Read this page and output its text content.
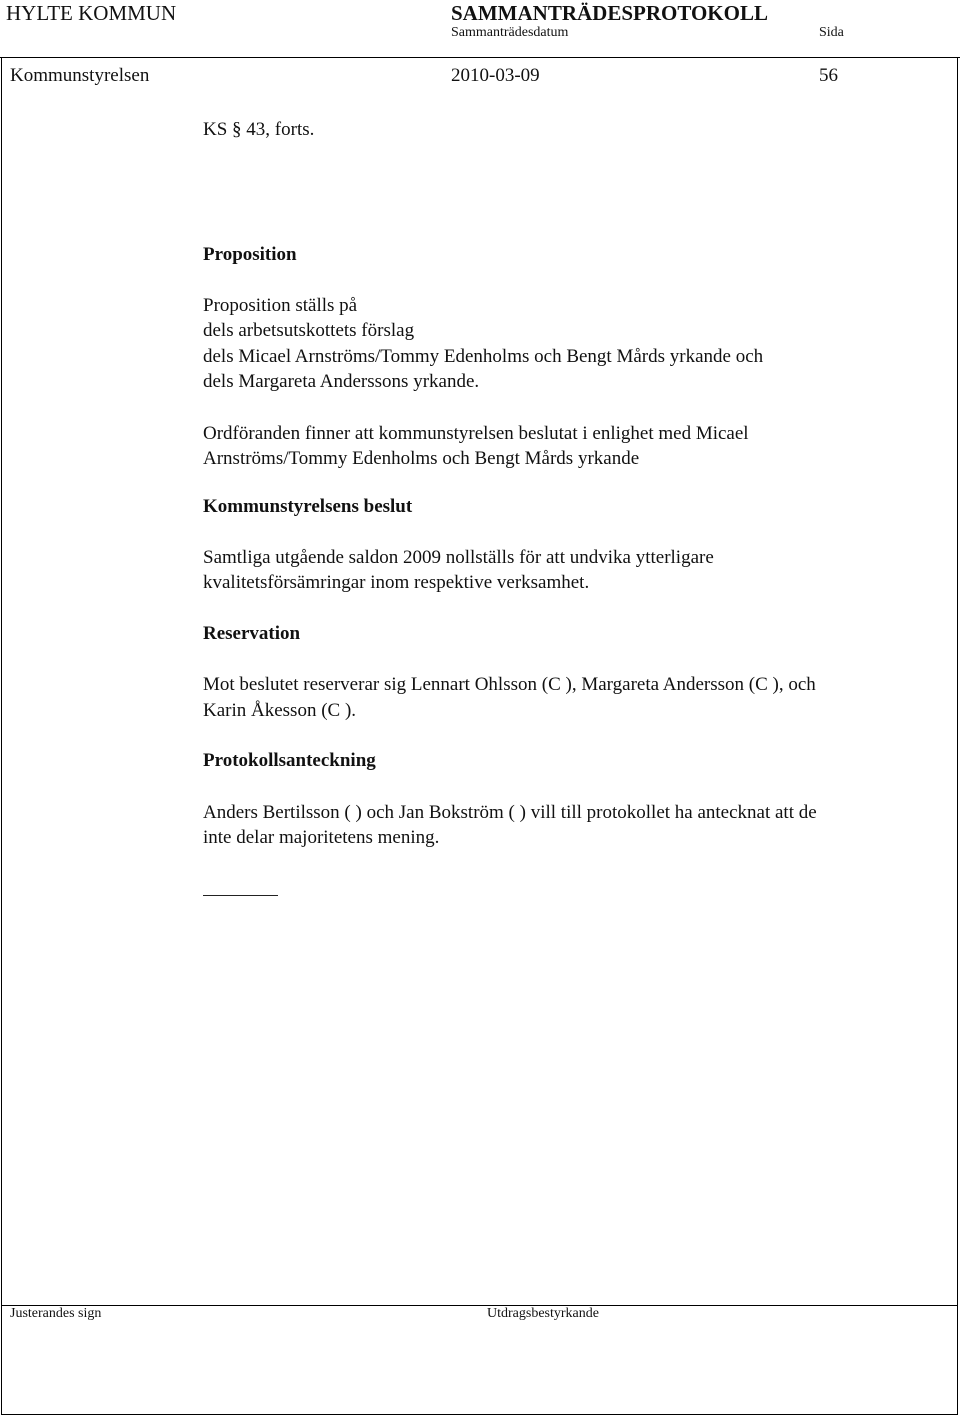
HYLTE KOMMUN	SAMMANTRÄDESPROTOKOLL
Sammanträdesdatum	Sida
Kommunstyrelsen	2010-03-09	56
KS § 43, forts.
Proposition
Proposition ställs på
dels arbetsutskottets förslag
dels Micael Arnströms/Tommy Edenholms och Bengt Mårds yrkande och
dels Margareta Anderssons yrkande.
Ordföranden finner att kommunstyrelsen beslutat i enlighet med Micael
Arnströms/Tommy Edenholms och Bengt Mårds yrkande
Kommunstyrelsens beslut
Samtliga utgående saldon 2009 nollställs för att undvika ytterligare
kvalitetsförsämringar inom respektive verksamhet.
Reservation
Mot beslutet reserverar sig Lennart Ohlsson (C ), Margareta Andersson (C ), och
Karin Åkesson (C ).
Protokollsanteckning
Anders Bertilsson ( ) och Jan Bokström ( ) vill till protokollet ha antecknat att de
inte delar majoritetens mening.
Justerandes sign	Utdragsbestyrkande
